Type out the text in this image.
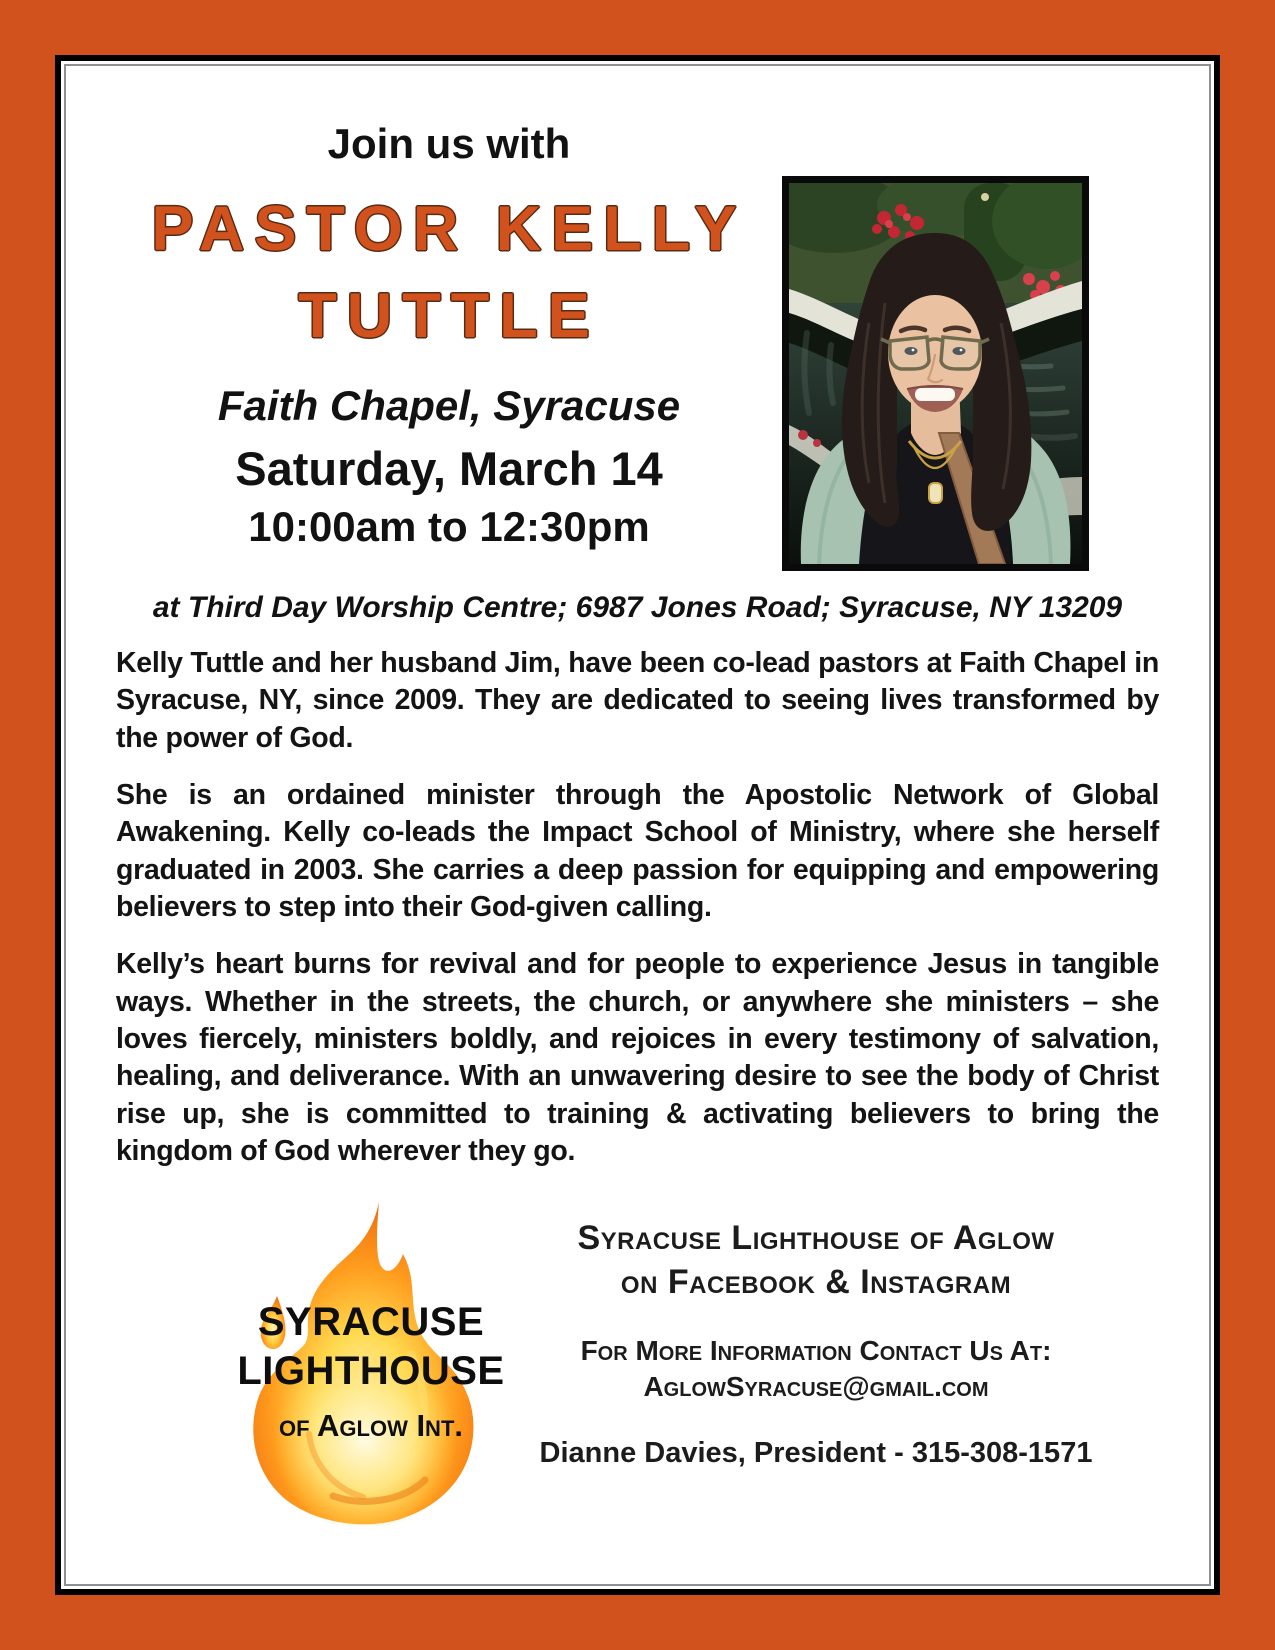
Join us with
PASTOR KELLY
TUTTLE
Faith Chapel, Syracuse
Saturday, March 14
10:00am to 12:30pm
at Third Day Worship Centre; 6987 Jones Road; Syracuse, NY 13209

Kelly Tuttle and her husband Jim, have been co-lead pastors at Faith Chapel in Syracuse, NY, since 2009. They are dedicated to seeing lives transformed by the power of God.

She is an ordained minister through the Apostolic Network of Global Awakening. Kelly co-leads the Impact School of Ministry, where she herself graduated in 2003. She carries a deep passion for equipping and empowering believers to step into their God-given calling.

Kelly’s heart burns for revival and for people to experience Jesus in tangible ways. Whether in the streets, the church, or anywhere she ministers – she loves fiercely, ministers boldly, and rejoices in every testimony of salvation, healing, and deliverance. With an unwavering desire to see the body of Christ rise up, she is committed to training & activating believers to bring the kingdom of God wherever they go.

SYRACUSE
LIGHTHOUSE
of Aglow Int.
Syracuse Lighthouse of Aglow
on Facebook & Instagram
For More Information Contact Us At:
AglowSyracuse@gmail.com
Dianne Davies, President - 315-308-1571
